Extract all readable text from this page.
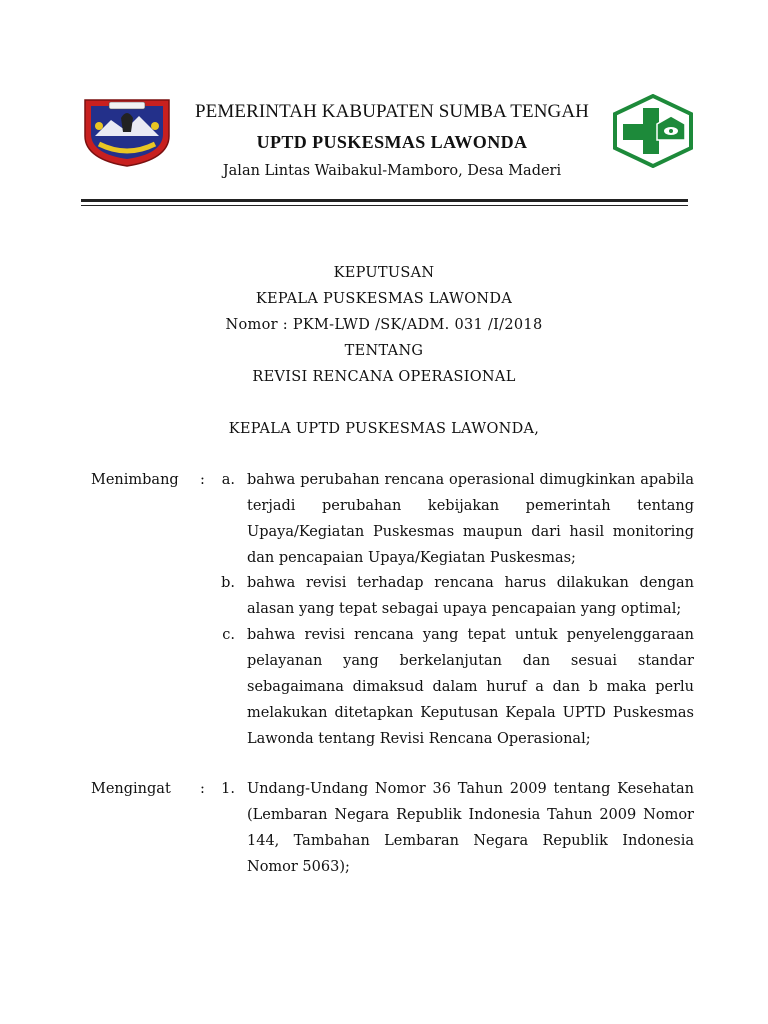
PEMERINTAH KABUPATEN SUMBA TENGAH
UPTD PUSKESMAS LAWONDA
Jalan Lintas Waibakul-Mamboro, Desa Maderi
KEPUTUSAN
KEPALA PUSKESMAS LAWONDA
Nomor : PKM-LWD /SK/ADM. 031 /I/2018
TENTANG
REVISI RENCANA OPERASIONAL
KEPALA UPTD PUSKESMAS LAWONDA,
Menimbang :	a. bahwa perubahan rencana operasional dimugkinkan apabila terjadi perubahan kebijakan pemerintah tentang Upaya/Kegiatan Puskesmas maupun dari hasil monitoring dan pencapaian Upaya/Kegiatan Puskesmas;
b. bahwa revisi terhadap rencana harus dilakukan dengan alasan yang tepat sebagai upaya pencapaian yang optimal;
c. bahwa revisi rencana yang tepat untuk penyelenggaraan pelayanan yang berkelanjutan dan sesuai standar sebagaimana dimaksud dalam huruf a dan b maka perlu melakukan ditetapkan Keputusan Kepala UPTD Puskesmas Lawonda tentang Revisi Rencana Operasional;
Mengingat :	1. Undang-Undang Nomor 36 Tahun 2009 tentang Kesehatan (Lembaran Negara Republik Indonesia Tahun 2009 Nomor 144, Tambahan Lembaran Negara Republik Indonesia Nomor 5063);
